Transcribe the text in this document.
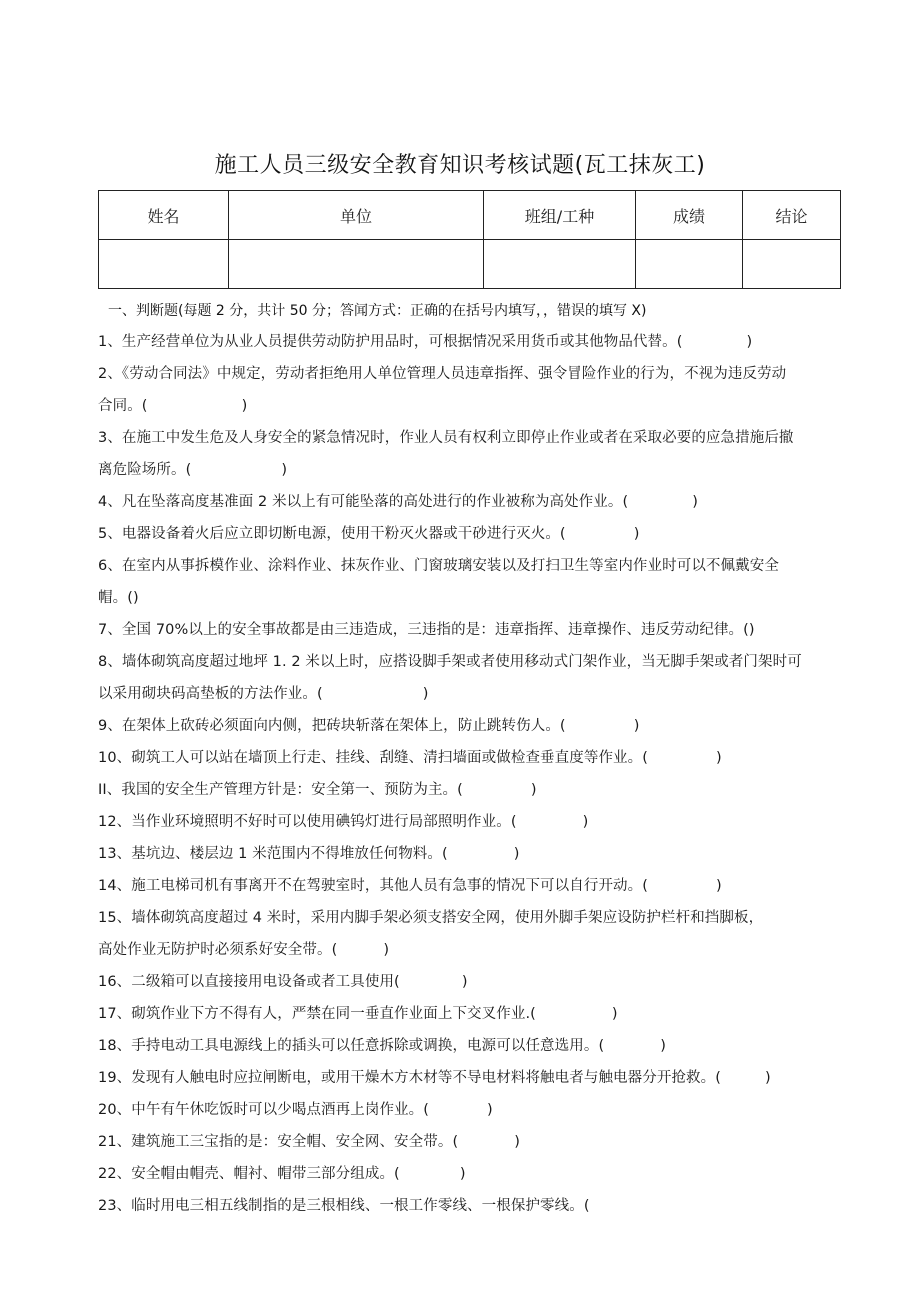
施工人员三级安全教育知识考核试题(瓦工抹灰工)
姓名	单位	班组/工种	成绩	结论

一、判断题(每题 2 分，共计 50 分；答闻方式：正确的在括号内填写，，错误的填写 X)
1、生产经营单位为从业人员提供劳动防护用品时，可根据情况采用货币或其他物品代替。(	)
2、《劳动合同法》中规定，劳动者拒绝用人单位管理人员违章指挥、强令冒险作业的行为，不视为违反劳动
合同。(	)
3、在施工中发生危及人身安全的紧急情况时，作业人员有权利立即停止作业或者在采取必要的应急措施后撤
离危险场所。(	)
4、凡在坠落高度基准面 2 米以上有可能坠落的高处进行的作业被称为高处作业。(	)
5、电器设备着火后应立即切断电源，使用干粉灭火器或干砂进行灭火。(	)
6、在室内从事拆模作业、涂料作业、抹灰作业、门窗玻璃安装以及打扫卫生等室内作业时可以不佩戴安全
帽。()
7、全国 70%以上的安全事故都是由三违造成，三违指的是：违章指挥、违章操作、违反劳动纪律。()
8、墙体砌筑高度超过地坪 1. 2 米以上时，应搭设脚手架或者使用移动式门架作业，当无脚手架或者门架时可
以采用砌块码高垫板的方法作业。(	)
9、在架体上砍砖必须面向内侧，把砖块斩落在架体上，防止跳转伤人。(	)
10、砌筑工人可以站在墙顶上行走、挂线、刮缝、清扫墙面或做检查垂直度等作业。(	)
II、我国的安全生产管理方针是：安全第一、预防为主。(	)
12、当作业环境照明不好时可以使用碘钨灯进行局部照明作业。(	)
13、基坑边、楼层边 1 米范围内不得堆放任何物料。(	)
14、施工电梯司机有事离开不在驾驶室时，其他人员有急事的情况下可以自行开动。(	)
15、墙体砌筑高度超过 4 米时，采用内脚手架必须支搭安全网，使用外脚手架应设防护栏杆和挡脚板，
高处作业无防护时必须系好安全带。(	)
16、二级箱可以直接接用电设备或者工具使用(	)
17、砌筑作业下方不得有人，严禁在同一垂直作业面上下交叉作业.(	)
18、手持电动工具电源线上的插头可以任意拆除或调换，电源可以任意选用。(	)
19、发现有人触电时应拉闸断电，或用干燥木方木材等不导电材料将触电者与触电器分开抢救。(	)
20、中午有午休吃饭时可以少喝点酒再上岗作业。(	)
21、建筑施工三宝指的是：安全帽、安全网、安全带。(	)
22、安全帽由帽壳、帽衬、帽带三部分组成。(	)
23、临时用电三相五线制指的是三根相线、一根工作零线、一根保护零线。(
